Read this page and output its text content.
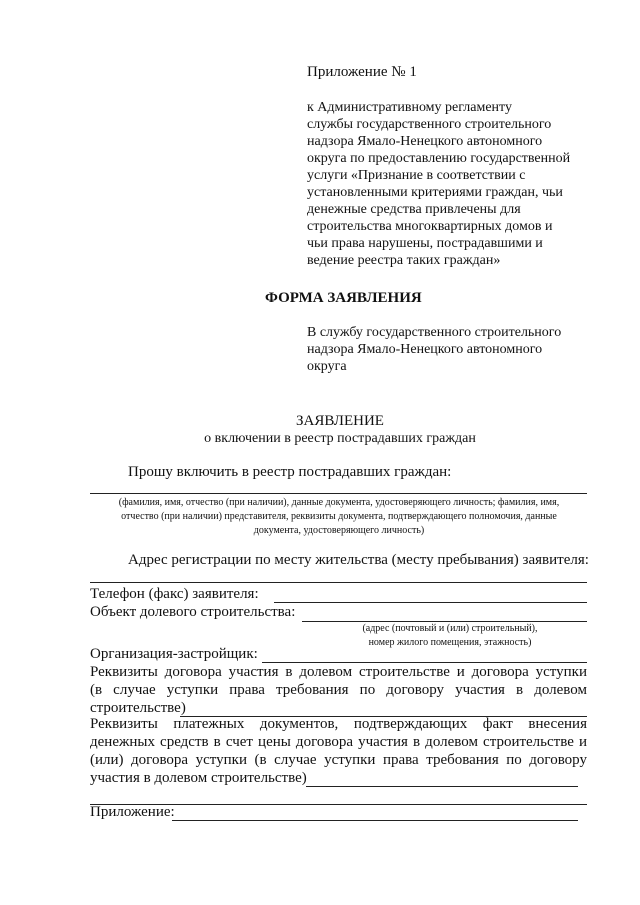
Приложение № 1
к Административному регламенту
службы государственного строительного
надзора Ямало-Ненецкого автономного
округа по предоставлению государственной
услуги «Признание в соответствии с
установленными критериями граждан, чьи
денежные средства привлечены для
строительства многоквартирных домов и
чьи права нарушены, пострадавшими и
ведение реестра таких граждан»
ФОРМА ЗАЯВЛЕНИЯ
В службу государственного строительного
надзора Ямало-Ненецкого автономного
округа
ЗАЯВЛЕНИЕ
о включении в реестр пострадавших граждан
Прошу включить в реестр пострадавших граждан:
(фамилия, имя, отчество (при наличии), данные документа, удостоверяющего личность; фамилия, имя,
отчество (при наличии) представителя, реквизиты документа, подтверждающего полномочия, данные
документа, удостоверяющего личность)
Адрес регистрации по месту жительства (месту пребывания) заявителя:
Телефон (факс) заявителя:
Объект долевого строительства:
(адрес (почтовый и (или) строительный),
номер жилого помещения, этажность)
Организация-застройщик:
Реквизиты договора участия в долевом строительстве и договора уступки
(в случае уступки права требования по договору участия в долевом
строительстве)
Реквизиты платежных документов, подтверждающих факт внесения
денежных средств в счет цены договора участия в долевом строительстве и
(или) договора уступки (в случае уступки права требования по договору
участия в долевом строительстве)
Приложение:
